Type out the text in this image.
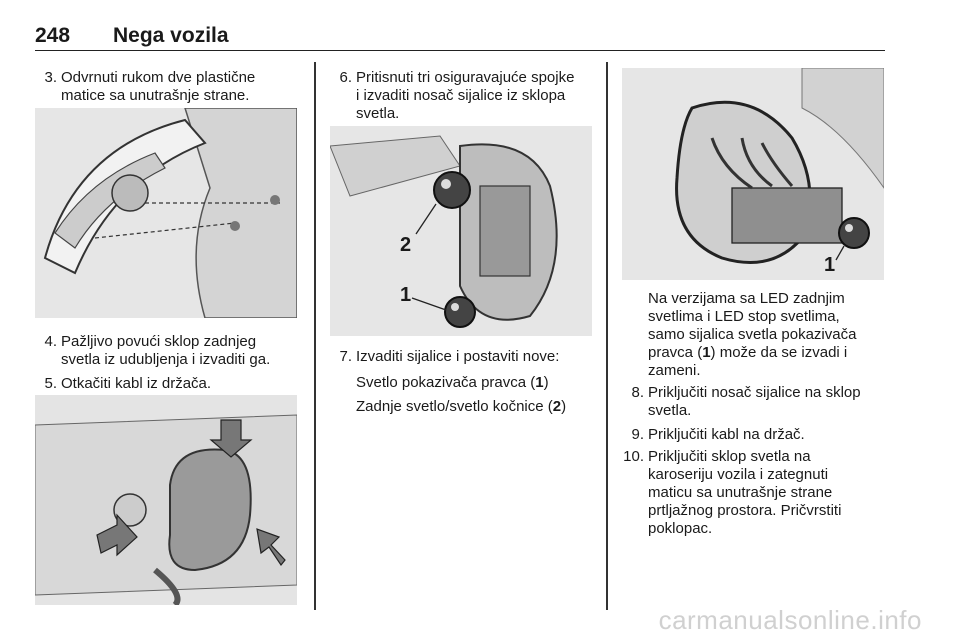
248 Nega vozila
3. Odvrnuti rukom dve plastične
matice sa unutrašnje strane.
4. Pažljivo povući sklop zadnjeg
svetla iz udubljenja i izvaditi ga.
5. Otkačiti kabl iz držača.
6. Pritisnuti tri osiguravajuće spojke
i izvaditi nosač sijalice iz sklopa
svetla.
2
1
7. Izvaditi sijalice i postaviti nove:
Svetlo pokazivača pravca (1)
Zadnje svetlo/svetlo kočnice (2)
1
Na verzijama sa LED zadnjim
svetlima i LED stop svetlima,
samo sijalica svetla pokazivača
pravca (1) može da se izvadi i
zameni.
8. Priključiti nosač sijalice na sklop
svetla.
9. Priključiti kabl na držač.
10. Priključiti sklop svetla na
karoseriju vozila i zategnuti
maticu sa unutrašnje strane
prtljažnog prostora. Pričvrstiti
poklopac.
carmanualsonline.info
